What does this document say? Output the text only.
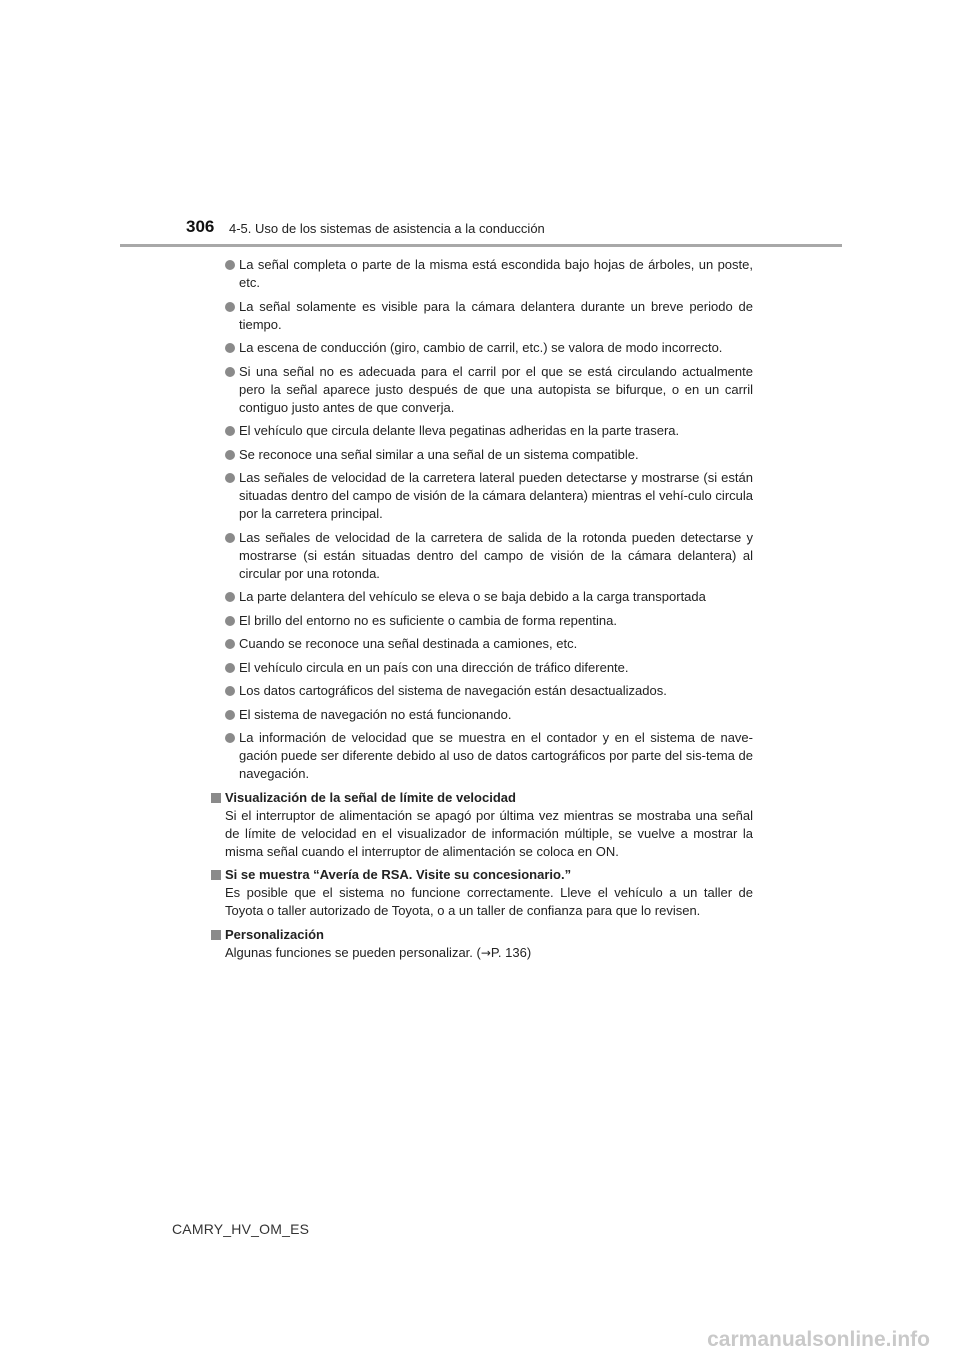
306 4-5. Uso de los sistemas de asistencia a la conducción
La señal completa o parte de la misma está escondida bajo hojas de árboles, un poste, etc.
La señal solamente es visible para la cámara delantera durante un breve periodo de tiempo.
La escena de conducción (giro, cambio de carril, etc.) se valora de modo incorrecto.
Si una señal no es adecuada para el carril por el que se está circulando actualmente pero la señal aparece justo después de que una autopista se bifurque, o en un carril contiguo justo antes de que converja.
El vehículo que circula delante lleva pegatinas adheridas en la parte trasera.
Se reconoce una señal similar a una señal de un sistema compatible.
Las señales de velocidad de la carretera lateral pueden detectarse y mostrarse (si están situadas dentro del campo de visión de la cámara delantera) mientras el vehí-culo circula por la carretera principal.
Las señales de velocidad de la carretera de salida de la rotonda pueden detectarse y mostrarse (si están situadas dentro del campo de visión de la cámara delantera) al circular por una rotonda.
La parte delantera del vehículo se eleva o se baja debido a la carga transportada
El brillo del entorno no es suficiente o cambia de forma repentina.
Cuando se reconoce una señal destinada a camiones, etc.
El vehículo circula en un país con una dirección de tráfico diferente.
Los datos cartográficos del sistema de navegación están desactualizados.
El sistema de navegación no está funcionando.
La información de velocidad que se muestra en el contador y en el sistema de nave-gación puede ser diferente debido al uso de datos cartográficos por parte del sis-tema de navegación.
Visualización de la señal de límite de velocidad
Si el interruptor de alimentación se apagó por última vez mientras se mostraba una señal de límite de velocidad en el visualizador de información múltiple, se vuelve a mostrar la misma señal cuando el interruptor de alimentación se coloca en ON.
Si se muestra “Avería de RSA. Visite su concesionario.”
Es posible que el sistema no funcione correctamente. Lleve el vehículo a un taller de Toyota o taller autorizado de Toyota, o a un taller de confianza para que lo revisen.
Personalización
Algunas funciones se pueden personalizar. (→P. 136)
CAMRY_HV_OM_ES
carmanualsonline.info
